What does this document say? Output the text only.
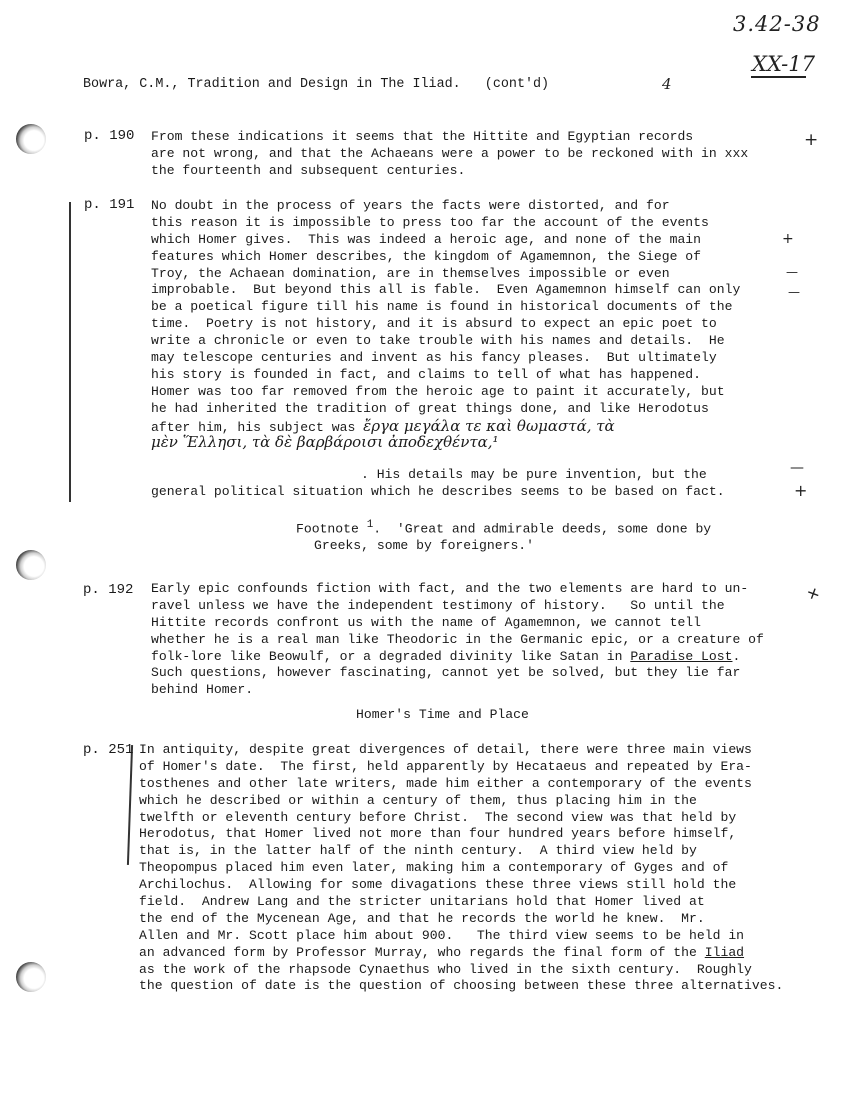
3.42-38
XX-17
Bowra, C.M., Tradition and Design in The Iliad. (cont'd)	4
p. 190 From these indications it seems that the Hittite and Egyptian records
are not wrong, and that the Achaeans were a power to be reckoned with in xxx
the fourteenth and subsequent centuries.
+
p. 191 No doubt in the process of years the facts were distorted, and for
this reason it is impossible to press too far the account of the events
which Homer gives.  This was indeed a heroic age, and none of the main
features which Homer describes, the kingdom of Agamemnon, the Siege of
Troy, the Achaean domination, are in themselves impossible or even
improbable.  But beyond this all is fable.  Even Agamemnon himself can only
be a poetical figure till his name is found in historical documents of the
time.  Poetry is not history, and it is absurd to expect an epic poet to
write a chronicle or even to take trouble with his names and details.  He
may telescope centuries and invent as his fancy pleases.  But ultimately
his story is founded in fact, and claims to tell of what has happened.
Homer was too far removed from the heroic age to paint it accurately, but
he had inherited the tradition of great things done, and like Herodotus
after him, his subject was ἔργα μεγάλα τε καὶ θωμαστά, τὰ
μὲν Ἕλλησι, τὰ δὲ βαρβάροισι ἀποδεχθέντα,¹
. His details may be pure invention, but the
general political situation which he describes seems to be based on fact.
+
—
—
—
+
Footnote $^1$.  'Great and admirable deeds, some done by
Greeks, some by foreigners.'
p. 192 Early epic confounds fiction with fact, and the two elements are hard to un-
ravel unless we have the independent testimony of history.   So until the
Hittite records confront us with the name of Agamemnon, we cannot tell
whether he is a real man like Theodoric in the Germanic epic, or a creature of
folk-lore like Beowulf, or a degraded divinity like Satan in Paradise Lost.
Such questions, however fascinating, cannot yet be solved, but they lie far
behind Homer.
+
Homer's Time and Place
p. 251 In antiquity, despite great divergences of detail, there were three main views
of Homer's date.  The first, held apparently by Hecataeus and repeated by Era-
tosthenes and other late writers, made him either a contemporary of the events
which he described or within a century of them, thus placing him in the
twelfth or eleventh century before Christ.  The second view was that held by
Herodotus, that Homer lived not more than four hundred years before himself,
that is, in the latter half of the ninth century.  A third view held by
Theopompus placed him even later, making him a contemporary of Gyges and of
Archilochus.  Allowing for some divagations these three views still hold the
field.  Andrew Lang and the stricter unitarians hold that Homer lived at
the end of the Mycenean Age, and that he records the world he knew.  Mr.
Allen and Mr. Scott place him about 900.   The third view seems to be held in
an advanced form by Professor Murray, who regards the final form of the Iliad
as the work of the rhapsode Cynaethus who lived in the sixth century.  Roughly
the question of date is the question of choosing between these three alternatives.
